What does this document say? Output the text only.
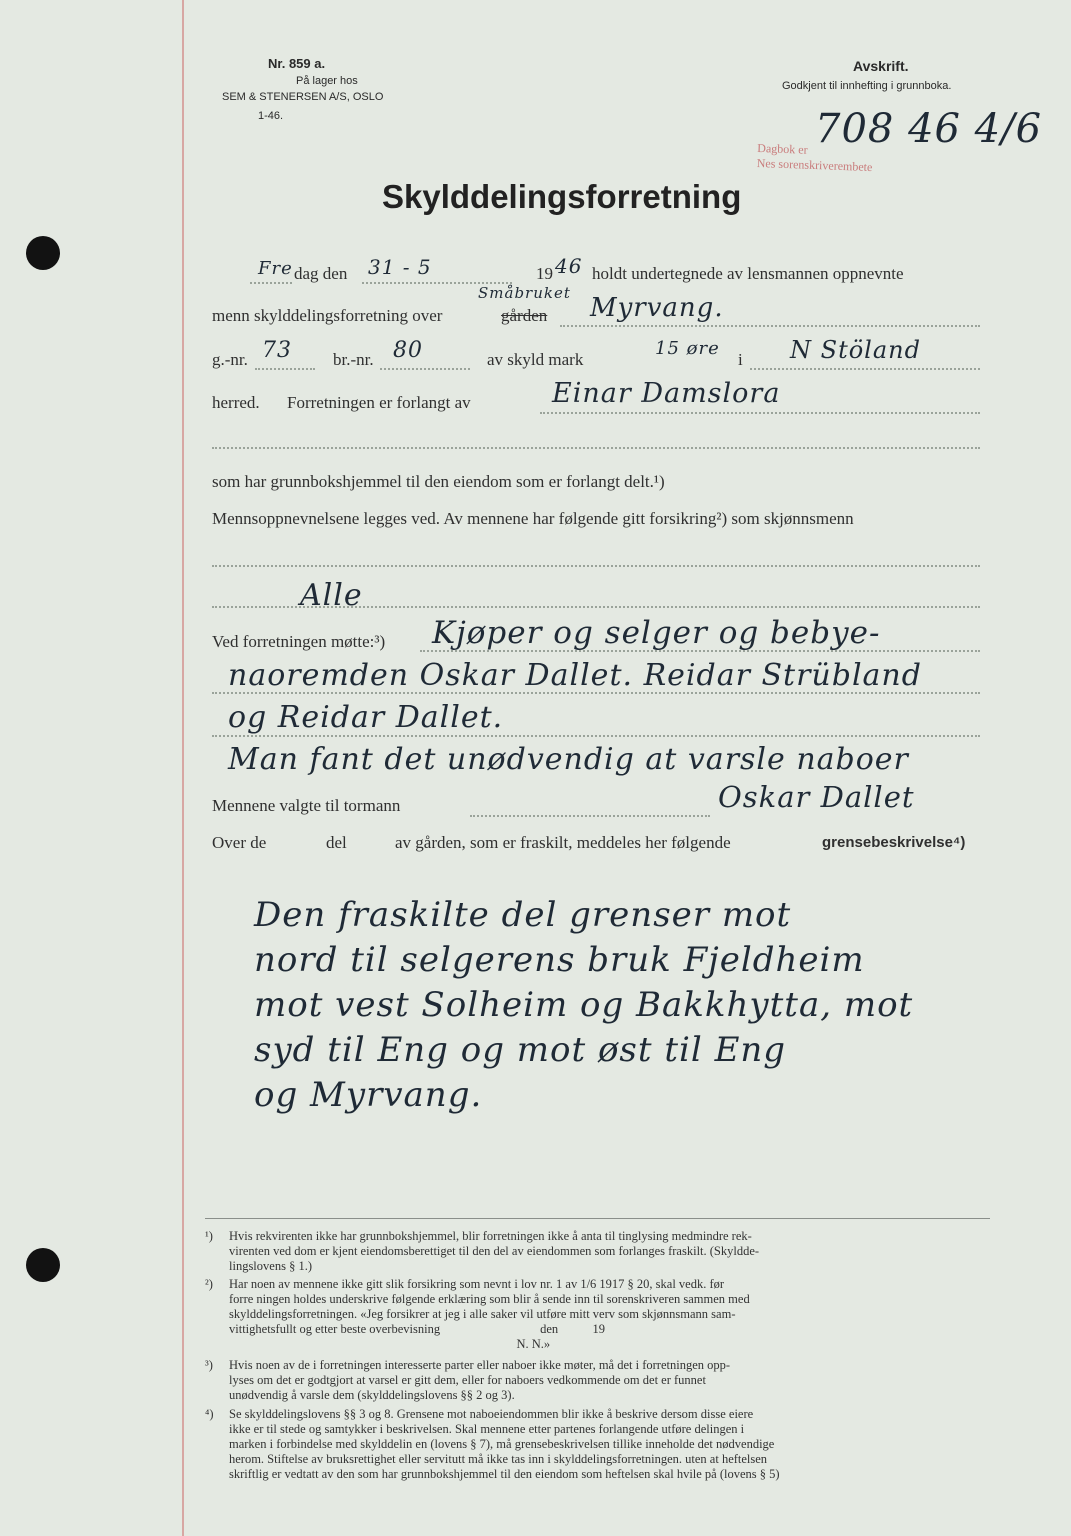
Nr. 859 a.
På lager hos
SEM & STENERSEN A/S, OSLO
1-46.
Avskrift.
Godkjent til innhefting i grunnboka.
Dagbok er
Nes sorenskriverembete
708 46 4/6
Skylddelingsforretning
Fre dag den 31 - 5	19 46 holdt undertegnede av lensmannen oppnevnte
Småbruket
menn skylddelingsforretning over	gården Myrvang.
g.-nr. 73 br.-nr. 80	av skyld mark
15 øre
i N Stöland
herred. Forretningen er forlangt av	Einar Damslora
som har grunnbokshjemmel til den eiendom som er forlangt delt.¹)
Mennsoppnevnelsene legges ved. Av mennene har følgende gitt forsikring²) som skjønnsmenn
Alle
Ved forretningen møtte:³) Kjøper og selger og bebye-
naoremden Oskar Dallet. Reidar Strübland
og Reidar Dallet.
Man fant det unødvendig at varsle naboer
Mennene valgte til tormann	Oskar Dallet
Over de	del	av gården, som er fraskilt, meddeles her følgende	grensebeskrivelse⁴)
Den fraskilte del grenser mot
nord til selgerens bruk Fjeldheim
mot vest Solheim og Bakkhytta, mot
syd til Eng og mot øst til Eng
og Myrvang.
¹) Hvis rekvirenten ikke har grunnbokshjemmel, blir forretningen ikke å anta til tinglysing medmindre rek-
virenten ved dom er kjent eiendomsberettiget til den del av eiendommen som forlanges fraskilt. (Skyldde-
lingslovens § 1.)
²) Har noen av mennene ikke gitt slik forsikring som nevnt i lov nr. 1 av 1/6 1917 § 20, skal vedk. før
forre ningen holdes underskrive følgende erklæring som blir å sende inn til sorenskriveren sammen med
skylddelingsforretningen. «Jeg forsikrer at jeg i alle saker vil utføre mitt verv som skjønnsmann sam-
vittighetsfullt og etter beste overbevisning                                den           19
N. N.»
³) Hvis noen av de i forretningen interesserte parter eller naboer ikke møter, må det i forretningen opp-
lyses om det er godtgjort at varsel er gitt dem, eller for naboers vedkommende om det er funnet
unødvendig å varsle dem (skylddelingslovens §§ 2 og 3).
⁴) Se skylddelingslovens §§ 3 og 8. Grensene mot naboeiendommen blir ikke å beskrive dersom disse eiere
ikke er til stede og samtykker i beskrivelsen. Skal mennene etter partenes forlangende utføre delingen i
marken i forbindelse med skylddelin en (lovens § 7), må grensebeskrivelsen tillike inneholde det nødvendige
herom. Stiftelse av bruksrettighet eller servitutt må ikke tas inn i skylddelingsforretningen. uten at heftelsen
skriftlig er vedtatt av den som har grunnbokshjemmel til den eiendom som heftelsen skal hvile på (lovens § 5)
